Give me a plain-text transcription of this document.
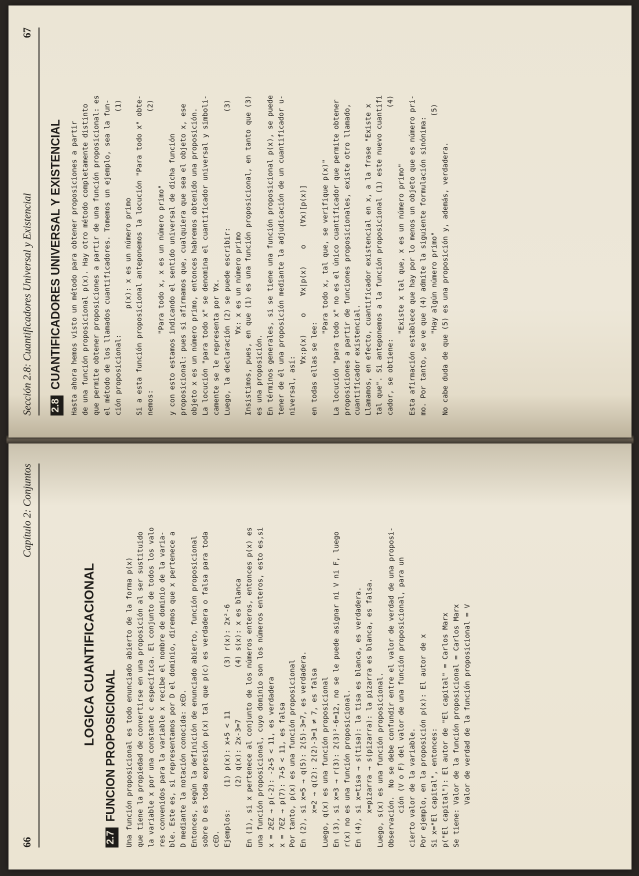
66
Capítulo 2: Conjuntos
LOGICA CUANTIFICACIONAL
2.7
FUNCION PROPOSICIONAL Una función proposicional es todo enunciado abierto de la forma p(x) que tiene la propiedad de convertirse en una proposición al ser sustituido la variable x por una constante c específica. El conjunto de todos los valo res convenidos para la variable x recibe el nombre de dominio de la varia- ble. Este es, si representamos por D el dominio, diremos que x pertenece a D mediante la notación conocida: x∈D. Entonces, según la definición de enunciado abierto, función proposicional sobre D es toda expresión p(x) tal que p(c) es verdadera o falsa para toda c∈D. Ejemplos:     (1) p(x): x+5 < 11          (3) r(x): 2x²-6 (2) q(x): 2x-3=7            (4) s(x): x es blanca En (1), si x pertenece al conjunto de los números enteros, entonces p(x) es una función proposicional, cuyo dominio son los números enteros, esto es,si x = 2∈Z → p(-2): -2+5 < 11, es verdadera x = 7∈Z → p(7): 7+5 < 11, es falsa Por tanto, p(x) es una función proposicional En (2), si x=5 → q(5): 2(5)-3=7, es verdadera. x=2 → q(2): 2(2)-3=1 ≠ 7, es falsa Luego, q(x) es una función proposicional En (3), si x=3 → r(3): 2(3)²-6=12, no se le puede asignar ni V ni F, luego r(x) no es una función proposicional. En (4), si x=tisa → s(tisa): la tisa es blanca, es verdadera. x=pizarra → s(pizarra): la pizarra es blanca, es falsa. Luego, s(x) es una función proposicional. Observación.  No se debe confundir entre el valor de verdad de una proposi- ción (V o F) del valor de una función proposicional, para un cierto valor de la variable. Por ejemplo, en la proposición p(x): El autor de x Si x="El capital", entonces: p("El capital"): El autor de "El capital" = Carlos Marx Se tiene: Valor de la función proposicional = Carlos Marx Valor de verdad de la función proposicional = V

Sección 2.8: Cuantificadores Universal y Existencial
67
2.8
CUANTIFICADORES UNIVERSAL Y EXISTENCIAL Hasta ahora hemos visto un método para obtener proposiciones a partir de una función proposicional p(x). Hay otro método completamente distinto que permite obtener proposiciones a partir de una función proposicional: es el método de los llamados cuantificadores. Tomemos un ejemplo, sea la fun- ción proposicional:                                                    (1) p(x): x es un número primo Si a esta función proposicional anteponemos la locución "Para todo x" obte- nemos:                                                                 (2) "Para todo x, x es un número primo" y con esto estamos indicando el sentido universal de dicha función proposicional: pues si afirmamos que, cualquiera que sea el objeto x, ese objeto x es un número primo, entonces habremos obtenido una proposición. La locución "para todo x" se denomina el cuantificador universal y simboli- camente se le representa por ∀x. Luego, la declaración (2) se puede escribir:                           (3) ∀x: x es un número primo Insistimos, pues, en que (1) es una función proposicional, en tanto que (3) es una proposición. En términos generales, si se tiene una función proposicional p(x), se puede tener de él una proposición mediante la adjudicación de un cuantificador u- niversal, así: ∀x:p(x)    o    ∀x|p(x)    o    (∀x)[p(x)]

en todas ellas se lee: "Para todo x, tal que, se verifique p(x)" La locución "para todo x" no es el único cuantificador que permite obtener proposiciones a partir de funciones proposicionales, existe otro llamado, cuantificador existencial. Llamamos, en efecto, cuantificador existencial en x, a la frase "Existe x tal que". Si anteponemos a la función proposicional (1) este nuevo cuantifi cador, se obtiene:                                                      (4) "Existe x tal que, x es un número primo" Esta afirmación establece que hay por lo menos un objeto que es número pri- mo. Por tanto, se ve que (4) admite la siguiente formulación sinónima: "Hay algún número primo"                           (5) No cabe duda de que (5) es una proposición y, además, verdadera.
